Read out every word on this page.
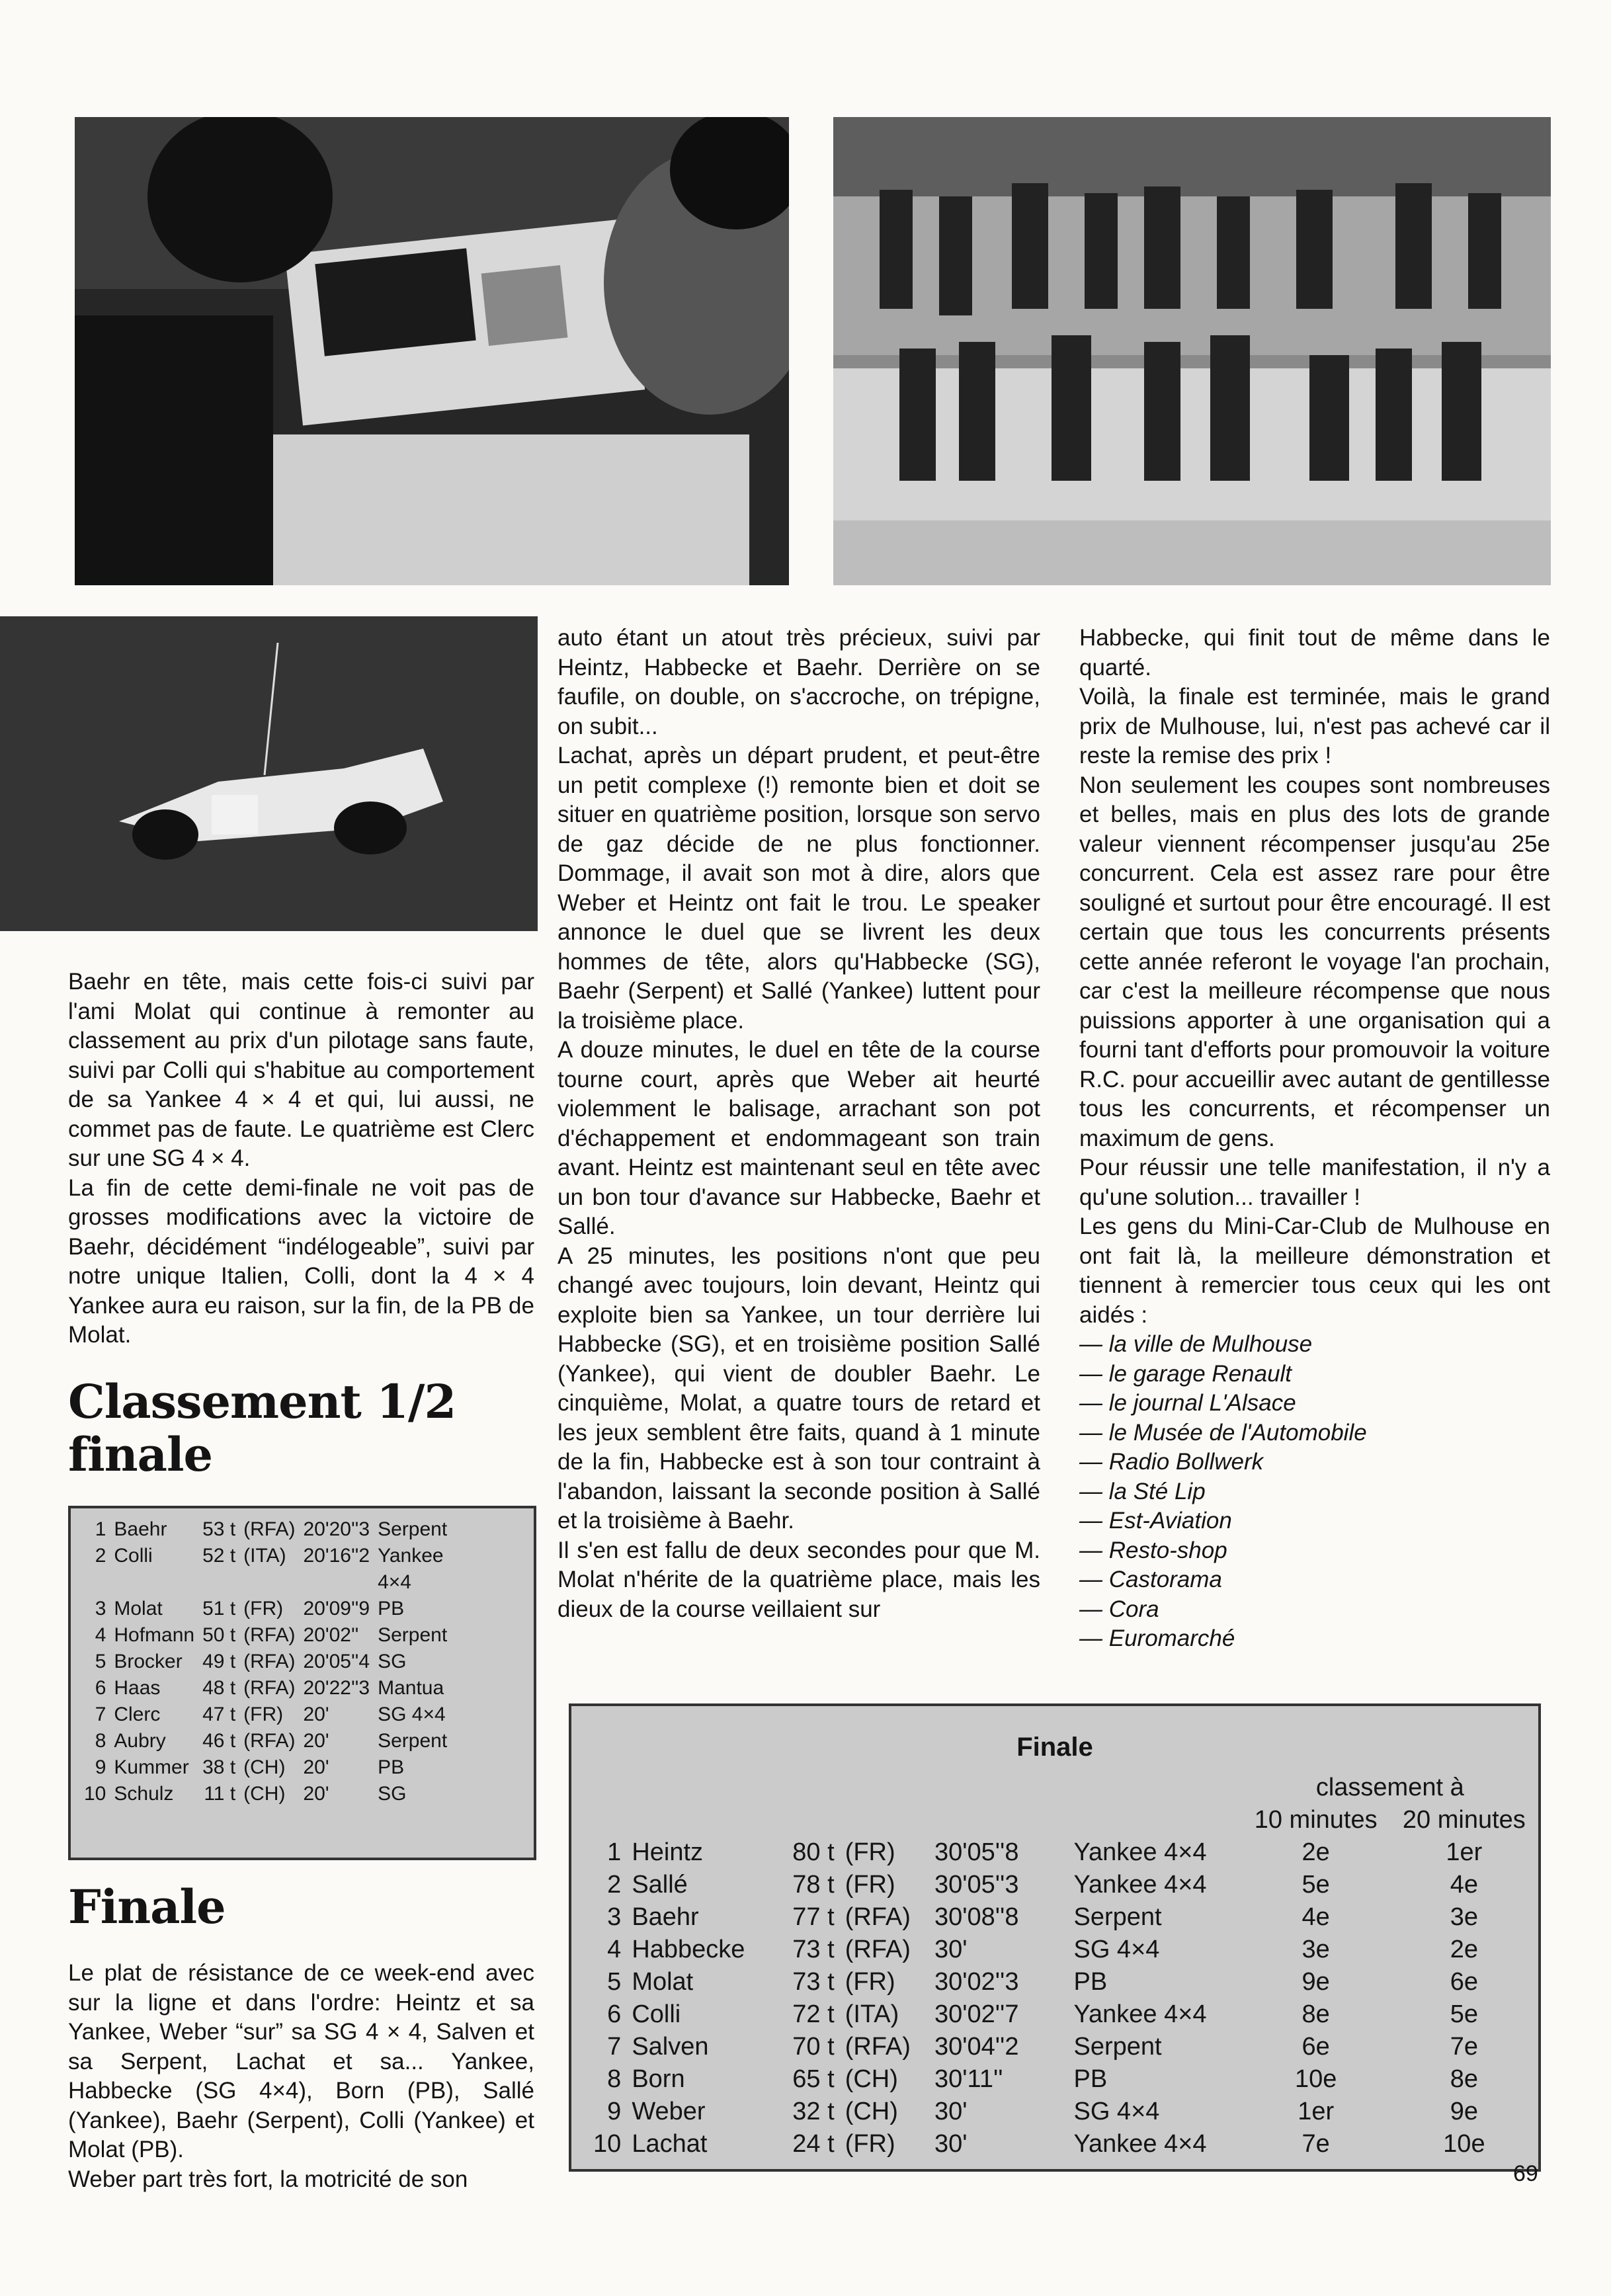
Baehr en tête, mais cette fois-ci suivi par l'ami Molat qui continue à remonter au classement au prix d'un pilotage sans faute, suivi par Colli qui s'habitue au comportement de sa Yankee 4 × 4 et qui, lui aussi, ne commet pas de faute. Le quatrième est Clerc sur une SG 4 × 4.

La fin de cette demi-finale ne voit pas de grosses modifications avec la victoire de Baehr, décidément “indélogeable”, suivi par notre unique Italien, Colli, dont la 4 × 4 Yankee aura eu raison, sur la fin, de la PB de Molat.

Classement 1/2 finale
1	Baehr	53 t	(RFA)	20'20''3	Serpent
2	Colli	52 t	(ITA)	20'16''2	Yankee 4×4
3	Molat	51 t	(FR)	20'09''9	PB
4	Hofmann	50 t	(RFA)	20'02''	Serpent
5	Brocker	49 t	(RFA)	20'05''4	SG
6	Haas	48 t	(RFA)	20'22''3	Mantua
7	Clerc	47 t	(FR)	20'	SG 4×4
8	Aubry	46 t	(RFA)	20'	Serpent
9	Kummer	38 t	(CH)	20'	PB
10	Schulz	11 t	(CH)	20'	SG
Finale

Le plat de résistance de ce week-end avec sur la ligne et dans l'ordre: Heintz et sa Yankee, Weber “sur” sa SG 4 × 4, Salven et sa Serpent, Lachat et sa... Yankee, Habbecke (SG 4×4), Born (PB), Sallé (Yankee), Baehr (Serpent), Colli (Yankee) et Molat (PB).

Weber part très fort, la motricité de son

auto étant un atout très précieux, suivi par Heintz, Habbecke et Baehr. Derrière on se faufile, on double, on s'accroche, on trépigne, on subit...

Lachat, après un départ prudent, et peut-être un petit complexe (!) remonte bien et doit se situer en quatrième position, lorsque son servo de gaz décide de ne plus fonctionner. Dommage, il avait son mot à dire, alors que Weber et Heintz ont fait le trou. Le speaker annonce le duel que se livrent les deux hommes de tête, alors qu'Habbecke (SG), Baehr (Serpent) et Sallé (Yankee) luttent pour la troisième place.

A douze minutes, le duel en tête de la course tourne court, après que Weber ait heurté violemment le balisage, arrachant son pot d'échappement et endommageant son train avant. Heintz est maintenant seul en tête avec un bon tour d'avance sur Habbecke, Baehr et Sallé.

A 25 minutes, les positions n'ont que peu changé avec toujours, loin devant, Heintz qui exploite bien sa Yankee, un tour derrière lui Habbecke (SG), et en troisième position Sallé (Yankee), qui vient de doubler Baehr. Le cinquième, Molat, a quatre tours de retard et les jeux semblent être faits, quand à 1 minute de la fin, Habbecke est à son tour contraint à l'abandon, laissant la seconde position à Sallé et la troisième à Baehr.

Il s'en est fallu de deux secondes pour que M. Molat n'hérite de la quatrième place, mais les dieux de la course veillaient sur

Habbecke, qui finit tout de même dans le quarté.

Voilà, la finale est terminée, mais le grand prix de Mulhouse, lui, n'est pas achevé car il reste la remise des prix !

Non seulement les coupes sont nombreuses et belles, mais en plus des lots de grande valeur viennent récompenser jusqu'au 25e concurrent. Cela est assez rare pour être souligné et surtout pour être encouragé. Il est certain que tous les concurrents présents cette année referont le voyage l'an prochain, car c'est la meilleure récompense que nous puissions apporter à une organisation qui a fourni tant d'efforts pour promouvoir la voiture R.C. pour accueillir avec autant de gentillesse tous les concurrents, et récompenser un maximum de gens.

Pour réussir une telle manifestation, il n'y a qu'une solution... travailler !

Les gens du Mini-Car-Club de Mulhouse en ont fait là, la meilleure démonstration et tiennent à remercier tous ceux qui les ont aidés :

— la ville de Mulhouse
— le garage Renault
— le journal L'Alsace
— le Musée de l'Automobile
— Radio Bollwerk
— la Sté Lip
— Est-Aviation
— Resto-shop
— Castorama
— Cora
— Euromarché
Finale
						classement à	
						10 minutes	20 minutes
1	Heintz	80 t	(FR)	30'05''8	Yankee 4×4	2e	1er
2	Sallé	78 t	(FR)	30'05''3	Yankee 4×4	5e	4e
3	Baehr	77 t	(RFA)	30'08''8	Serpent	4e	3e
4	Habbecke	73 t	(RFA)	30'	SG 4×4	3e	2e
5	Molat	73 t	(FR)	30'02''3	PB	9e	6e
6	Colli	72 t	(ITA)	30'02''7	Yankee 4×4	8e	5e
7	Salven	70 t	(RFA)	30'04''2	Serpent	6e	7e
8	Born	65 t	(CH)	30'11''	PB	10e	8e
9	Weber	32 t	(CH)	30'	SG 4×4	1er	9e
10	Lachat	24 t	(FR)	30'	Yankee 4×4	7e	10e
69
